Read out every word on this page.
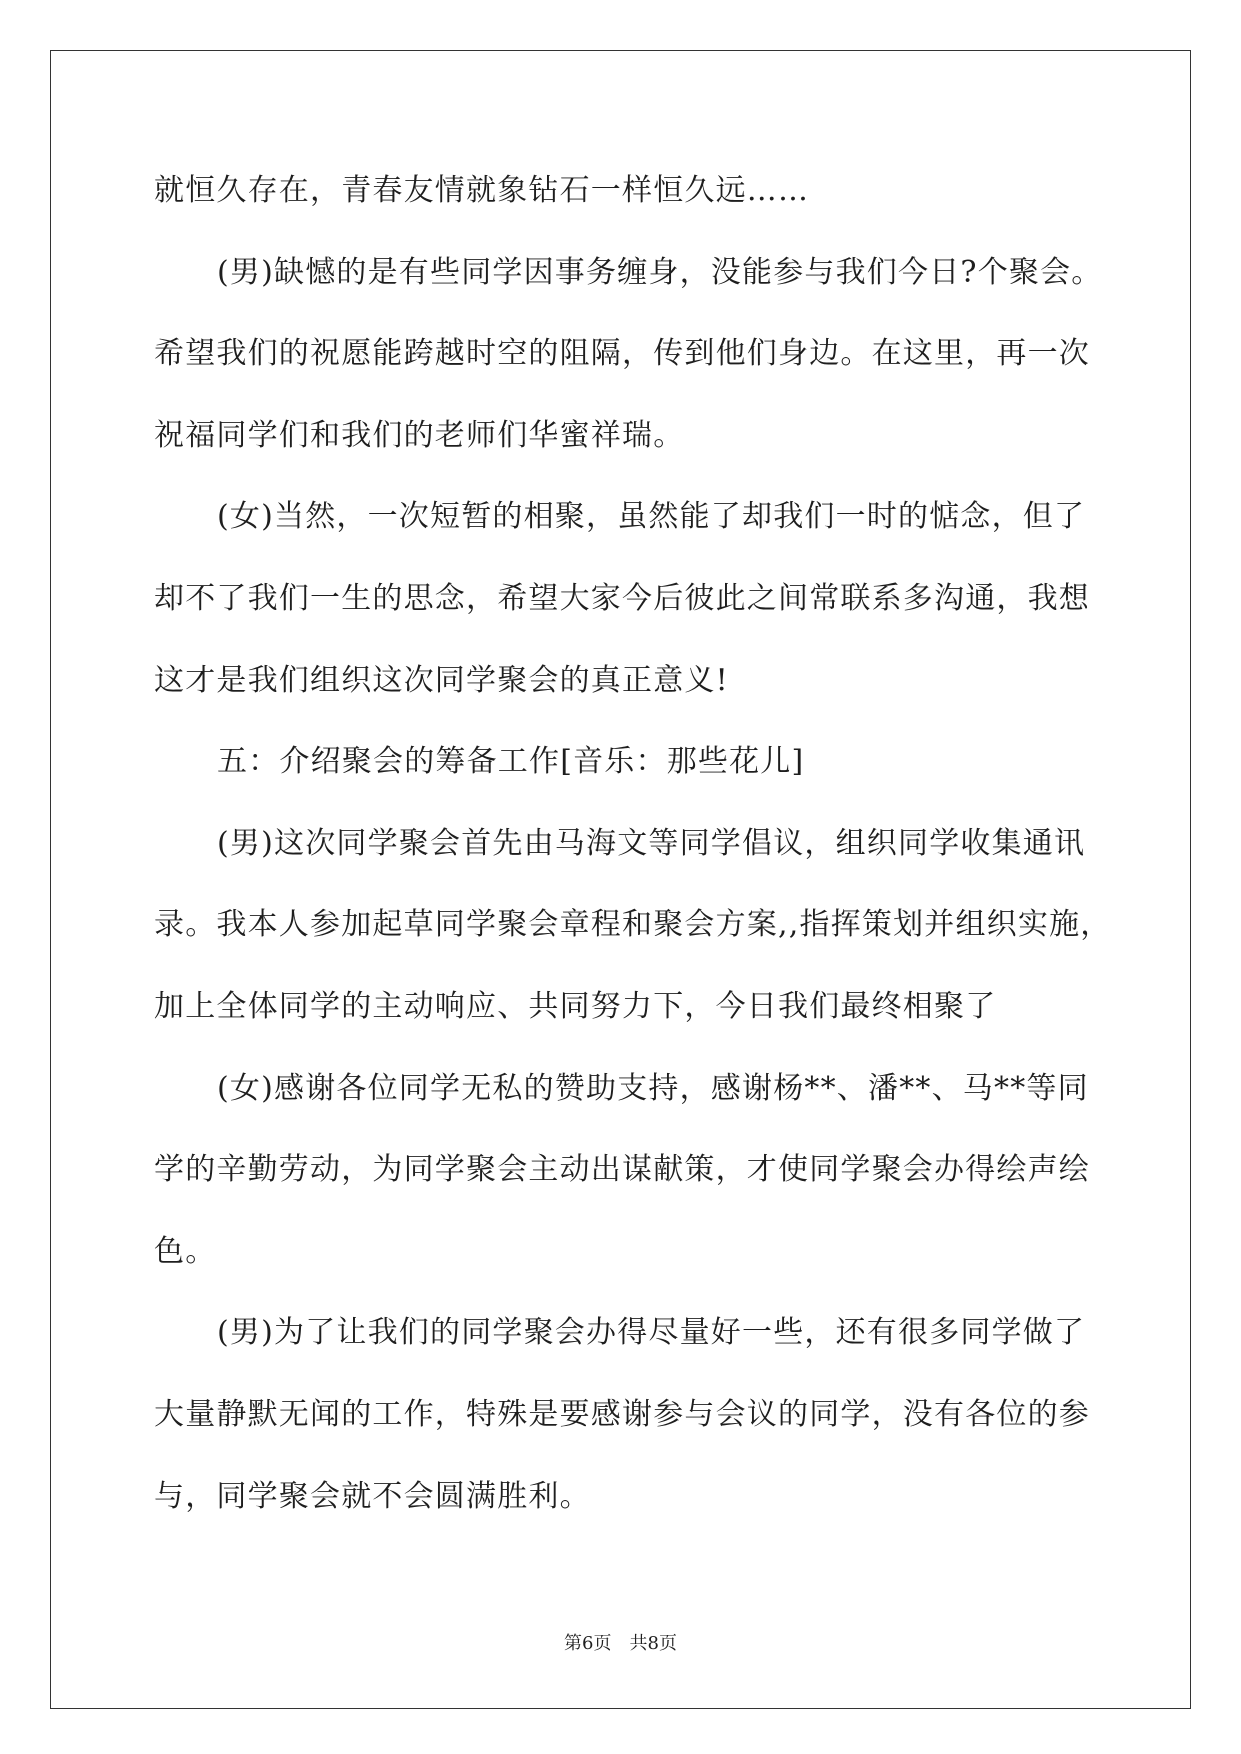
就恒久存在，青春友情就象钻石一样恒久远……
(男)缺憾的是有些同学因事务缠身，没能参与我们今日?个聚会。
希望我们的祝愿能跨越时空的阻隔，传到他们身边。在这里，再一次
祝福同学们和我们的老师们华蜜祥瑞。
(女)当然，一次短暂的相聚，虽然能了却我们一时的惦念，但了
却不了我们一生的思念，希望大家今后彼此之间常联系多沟通，我想
这才是我们组织这次同学聚会的真正意义!
五：介绍聚会的筹备工作[音乐：那些花儿]
(男)这次同学聚会首先由马海文等同学倡议，组织同学收集通讯
录。我本人参加起草同学聚会章程和聚会方案,,指挥策划并组织实施，
加上全体同学的主动响应、共同努力下，今日我们最终相聚了
(女)感谢各位同学无私的赞助支持，感谢杨**、潘**、马**等同
学的辛勤劳动，为同学聚会主动出谋献策，才使同学聚会办得绘声绘
色。
(男)为了让我们的同学聚会办得尽量好一些，还有很多同学做了
大量静默无闻的工作，特殊是要感谢参与会议的同学，没有各位的参
与，同学聚会就不会圆满胜利。
第6页 共8页
